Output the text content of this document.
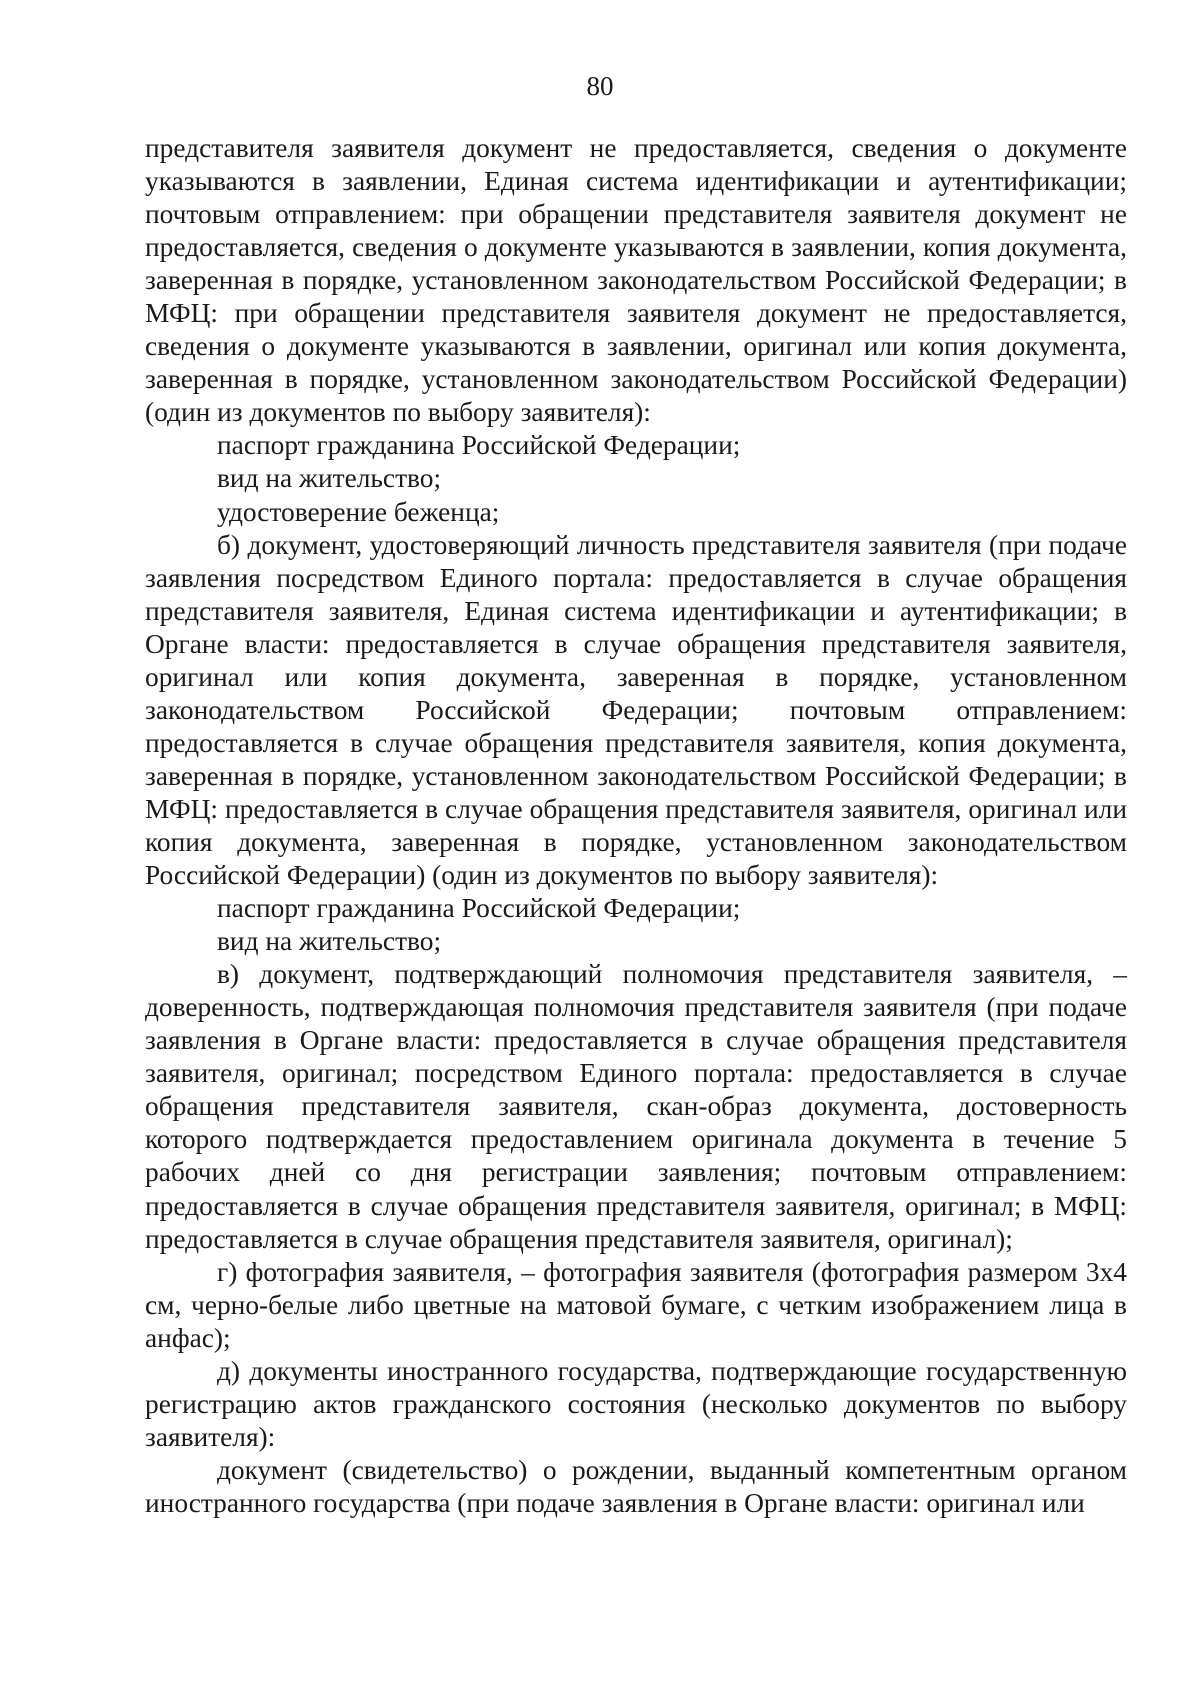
80

представителя заявителя документ не предоставляется, сведения о документе указываются в заявлении, Единая система идентификации и аутентификации; почтовым отправлением: при обращении представителя заявителя документ не предоставляется, сведения о документе указываются в заявлении, копия документа, заверенная в порядке, установленном законодательством Российской Федерации; в МФЦ: при обращении представителя заявителя документ не предоставляется, сведения о документе указываются в заявлении, оригинал или копия документа, заверенная в порядке, установленном законодательством Российской Федерации) (один из документов по выбору заявителя):

паспорт гражданина Российской Федерации;

вид на жительство;

удостоверение беженца;

б) документ, удостоверяющий личность представителя заявителя (при подаче заявления посредством Единого портала: предоставляется в случае обращения представителя заявителя, Единая система идентификации и аутентификации; в Органе власти: предоставляется в случае обращения представителя заявителя, оригинал или копия документа, заверенная в порядке, установленном законодательством Российской Федерации; почтовым отправлением: предоставляется в случае обращения представителя заявителя, копия документа, заверенная в порядке, установленном законодательством Российской Федерации; в МФЦ: предоставляется в случае обращения представителя заявителя, оригинал или копия документа, заверенная в порядке, установленном законодательством Российской Федерации) (один из документов по выбору заявителя):

паспорт гражданина Российской Федерации;

вид на жительство;

в) документ, подтверждающий полномочия представителя заявителя, – доверенность, подтверждающая полномочия представителя заявителя (при подаче заявления в Органе власти: предоставляется в случае обращения представителя заявителя, оригинал; посредством Единого портала: предоставляется в случае обращения представителя заявителя, скан-образ документа, достоверность которого подтверждается предоставлением оригинала документа в течение 5 рабочих дней со дня регистрации заявления; почтовым отправлением: предоставляется в случае обращения представителя заявителя, оригинал; в МФЦ: предоставляется в случае обращения представителя заявителя, оригинал);

г) фотография заявителя, – фотография заявителя (фотография размером 3х4 см, черно-белые либо цветные на матовой бумаге, с четким изображением лица в анфас);

д) документы иностранного государства, подтверждающие государственную регистрацию актов гражданского состояния (несколько документов по выбору заявителя):

документ (свидетельство) о рождении, выданный компетентным органом иностранного государства (при подаче заявления в Органе власти: оригинал или
